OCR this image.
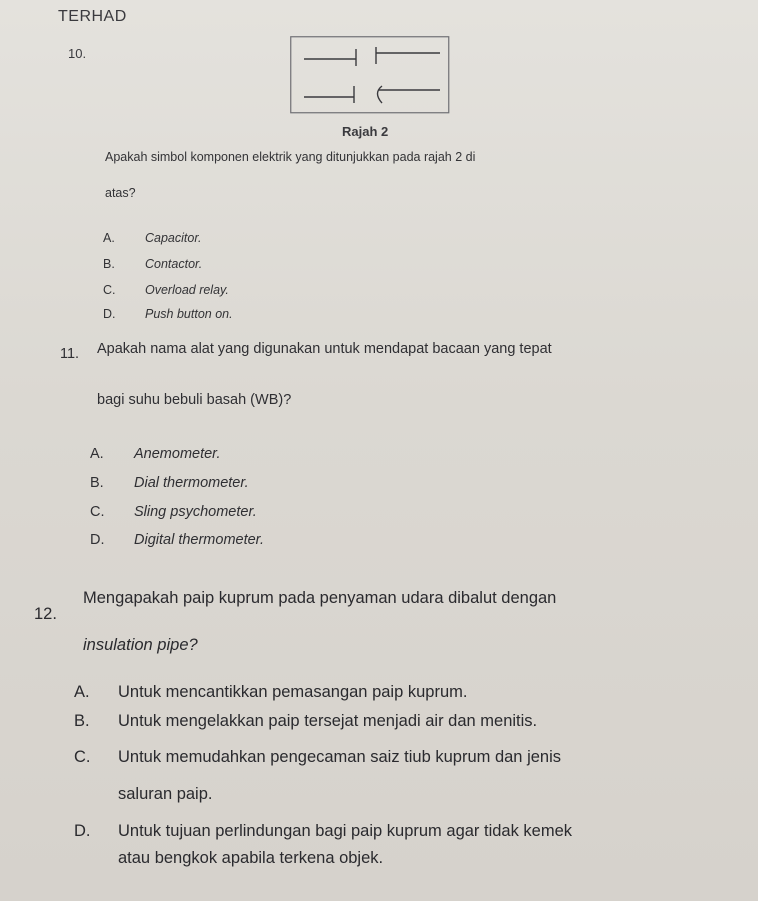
TERHAD
10.
Rajah 2
Apakah simbol komponen elektrik yang ditunjukkan pada rajah 2 di
atas?
A. Capacitor.
B. Contactor.
C. Overload relay.
D. Push button on.
11. Apakah nama alat yang digunakan untuk mendapat bacaan yang tepat
bagi suhu bebuli basah (WB)?
A. Anemometer.
B. Dial thermometer.
C. Sling psychometer.
D. Digital thermometer.
12.
Mengapakah paip kuprum pada penyaman udara dibalut dengan
insulation pipe?
A. Untuk mencantikkan pemasangan paip kuprum.
B. Untuk mengelakkan paip tersejat menjadi air dan menitis.
C. Untuk memudahkan pengecaman saiz tiub kuprum dan jenis
saluran paip.
D. Untuk tujuan perlindungan bagi paip kuprum agar tidak kemek
atau bengkok apabila terkena objek.
